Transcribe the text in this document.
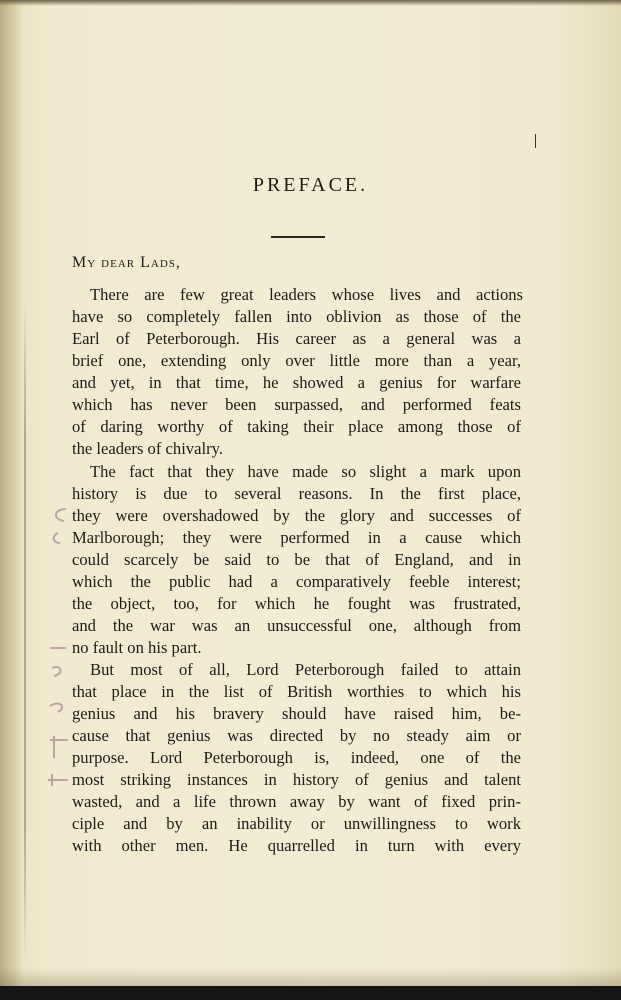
PREFACE.
My dear Lads,
There are few great leaders whose lives and actions
have so completely fallen into oblivion as those of the
Earl of Peterborough. His career as a general was a
brief one, extending only over little more than a year,
and yet, in that time, he showed a genius for warfare
which has never been surpassed, and performed feats
of daring worthy of taking their place among those of
the leaders of chivalry.
The fact that they have made so slight a mark upon
history is due to several reasons. In the first place,
they were overshadowed by the glory and successes of
Marlborough; they were performed in a cause which
could scarcely be said to be that of England, and in
which the public had a comparatively feeble interest;
the object, too, for which he fought was frustrated,
and the war was an unsuccessful one, although from
no fault on his part.
But most of all, Lord Peterborough failed to attain
that place in the list of British worthies to which his
genius and his bravery should have raised him, be-
cause that genius was directed by no steady aim or
purpose. Lord Peterborough is, indeed, one of the
most striking instances in history of genius and talent
wasted, and a life thrown away by want of fixed prin-
ciple and by an inability or unwillingness to work
with other men. He quarrelled in turn with every
